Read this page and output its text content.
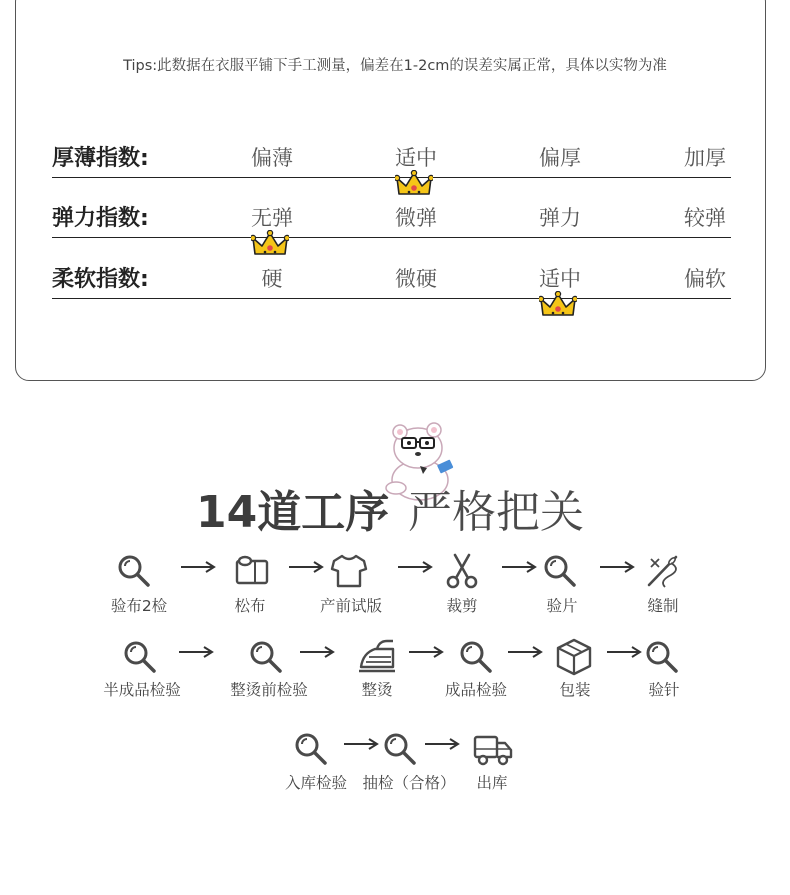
Tips:此数据在衣服平铺下手工测量，偏差在1-2cm的误差实属正常，具体以实物为准
厚薄指数:	偏薄	适中	偏厚	加厚
弹力指数:	无弹	微弹	弹力	较弹
柔软指数:	硬	微硬	适中	偏软
14道工序 严格把关
验布2检	松布	产前试版	裁剪	验片	缝制
半成品检验	整烫前检验	整烫	成品检验	包装	验针
入库检验 抽检（合格）	出库
